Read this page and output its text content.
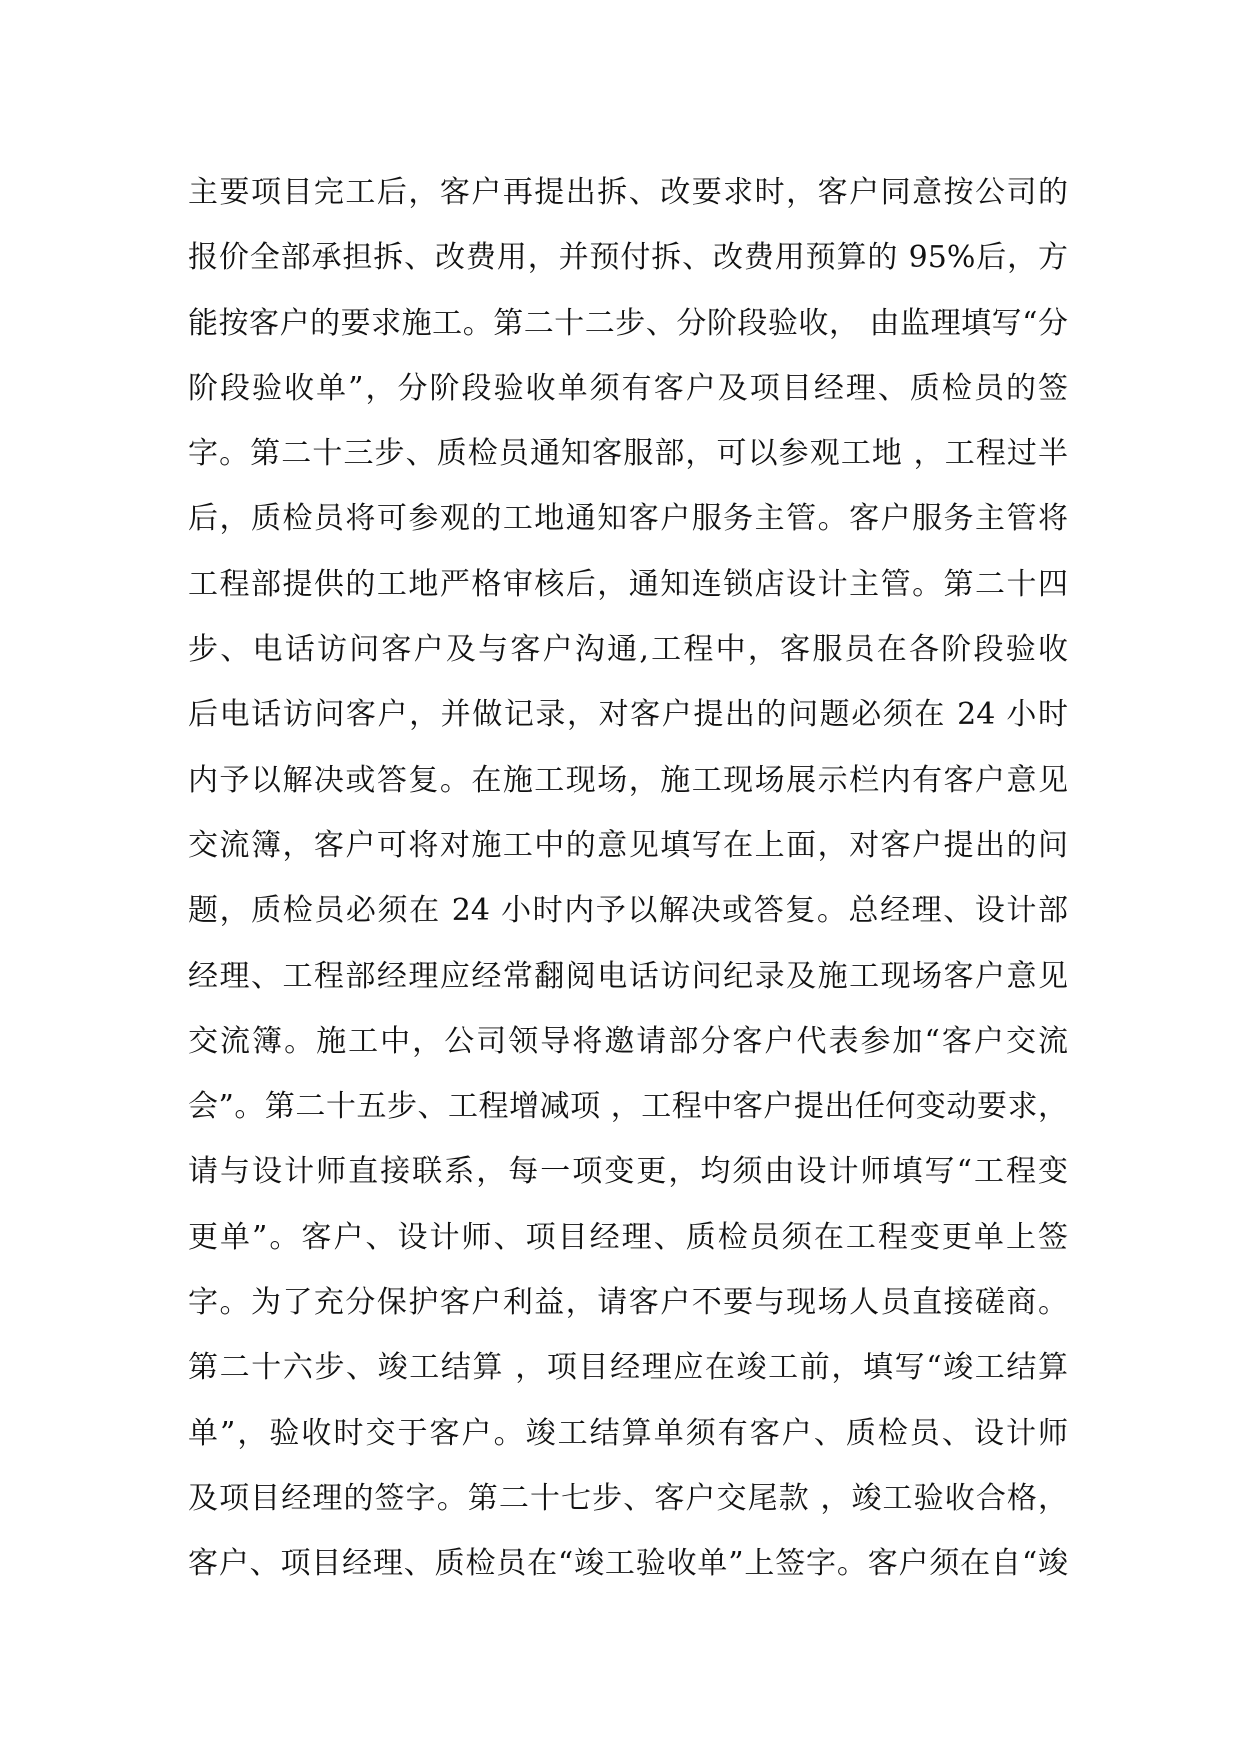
主要项目完工后，客户再提出拆、改要求时，客户同意按公司的
报价全部承担拆、改费用，并预付拆、改费用预算的 95%后，方
能按客户的要求施工。第二十二步、分阶段验收， 由监理填写“分
阶段验收单”，分阶段验收单须有客户及项目经理、质检员的签
字。第二十三步、质检员通知客服部，可以参观工地 ，工程过半
后，质检员将可参观的工地通知客户服务主管。客户服务主管将
工程部提供的工地严格审核后，通知连锁店设计主管。第二十四
步、电话访问客户及与客户沟通,工程中，客服员在各阶段验收
后电话访问客户，并做记录，对客户提出的问题必须在 24 小时
内予以解决或答复。在施工现场，施工现场展示栏内有客户意见
交流簿，客户可将对施工中的意见填写在上面，对客户提出的问
题，质检员必须在 24 小时内予以解决或答复。总经理、设计部
经理、工程部经理应经常翻阅电话访问纪录及施工现场客户意见
交流簿。施工中，公司领导将邀请部分客户代表参加“客户交流
会”。第二十五步、工程增减项 ，工程中客户提出任何变动要求，
请与设计师直接联系，每一项变更，均须由设计师填写“工程变
更单”。客户、设计师、项目经理、质检员须在工程变更单上签
字。为了充分保护客户利益，请客户不要与现场人员直接磋商。
第二十六步、竣工结算 ，项目经理应在竣工前，填写“竣工结算
单”，验收时交于客户。竣工结算单须有客户、质检员、设计师
及项目经理的签字。第二十七步、客户交尾款 ，竣工验收合格，
客户、项目经理、质检员在“竣工验收单”上签字。客户须在自“竣
